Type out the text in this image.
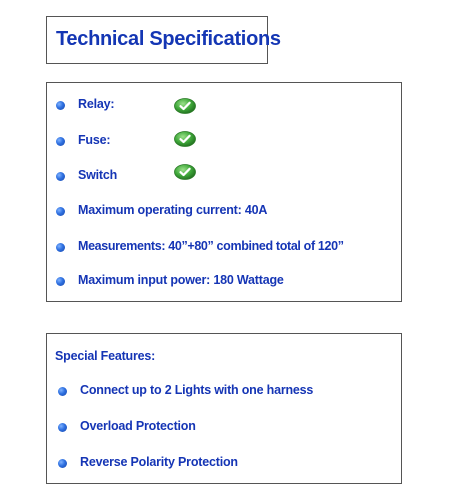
Technical Specifications
Relay:
Fuse:
Switch
Maximum operating current: 40A
Measurements: 40”+80” combined total of 120”
Maximum input power: 180 Wattage
Special Features:
Connect up to 2 Lights with one harness
Overload Protection
Reverse Polarity Protection
